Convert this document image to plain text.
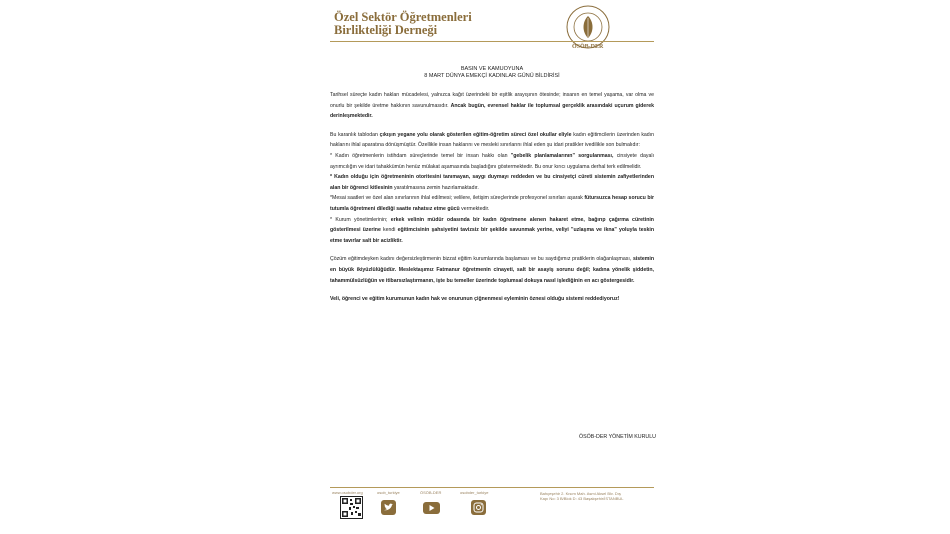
Özel Sektör Öğretmenleri
Birlikteliği Derneği
ÖSÖB-DER
BASIN VE KAMUOYUNA
8 MART DÜNYA EMEKÇİ KADINLAR GÜNÜ BİLDİRİSİ

Tarihsel süreçte kadın hakları mücadelesi, yalnızca kağıt üzerindeki bir eşitlik arayışının ötesinde; insanın en temel yaşama, var olma ve onurlu bir şekilde üretme hakkının savunulmasıdır. Ancak bugün, evrensel haklar ile toplumsal gerçeklik arasındaki uçurum giderek derinleşmektedir.

Bu karanlık tablodan çıkışın yegane yolu olarak gösterilen eğitim-öğretim süreci özel okullar eliyle kadın eğitimcilerin üzerinden kadın haklarını ihlal aparatına dönüşmüştür. Özellikle insan haklarını ve mesleki sınırlarını ihlal eden şu idari pratikler ivedilikle son bulmalıdır:

* Kadın öğretmenlerin istihdam süreçlerinde temel bir insan hakkı olan "gebelik planlamalarının" sorgulanması, cinsiyete dayalı ayrımcılığın ve idari tahakkümün henüz mülakat aşamasında başladığını göstermektedir. Bu onur kırıcı uygulama derhal terk edilmelidir.

* Kadın olduğu için öğretmeninin otoritesini tanımayan, saygı duymayı reddeden ve bu cinsiyetçi cüreti sistemin zafiyetlerinden alan bir öğrenci kitlesinin yaratılmasına zemin hazırlamaktadır.

*Mesai saatleri ve özel alan sınırlarının ihlal edilmesi; velilere, iletişim süreçlerinde profesyonel sınırları aşarak fütursuzca hesap sorucu bir tutumla öğretmeni dilediği saatte rahatsız etme gücü vermektedir.

* Kurum yönetimlerinin; erkek velinin müdür odasında bir kadın öğretmene alenen hakaret etme, bağırıp çağırma cüretinin gösterilmesi üzerine kendi eğitimcisinin şahsiyetini tavizsiz bir şekilde savunmak yerine, veliyi "uzlaşma ve ikna" yoluyla teskin etme tavırlar salt bir acizliktir.

Çözüm eğitimdeyken kadını değersizleştirmenin bizzat eğitim kurumlarında başlaması ve bu saydığımız pratiklerin olağanlaşması, sistemin en büyük ikiyüzlülüğüdür. Meslektaşımız Fatmanur öğretmenin cinayeti, salt bir asayiş sorunu değil; kadına yönelik şiddetin, tahammülsüzlüğün ve itibarsızlaştırmanın, işte bu temeller üzerinde toplumsal dokuya nasıl işlediğinin en acı göstergesidir.

Veli, öğrenci ve eğitim kurumunun kadın hak ve onurunun çiğnenmesi eyleminin öznesi olduğu sistemi reddediyoruz!

ÖSÖB-DER YÖNETİM KURULU
www.osobder.org	osob_turkiye	ÖSÖB-DER	osobder_turkiye	Bahçeşehir 2. Kısım Mah. Asmi Aksel Blv. Dış Kapı No: 3 B/Blok D: 43 Başakşehir/İSTANBUL
